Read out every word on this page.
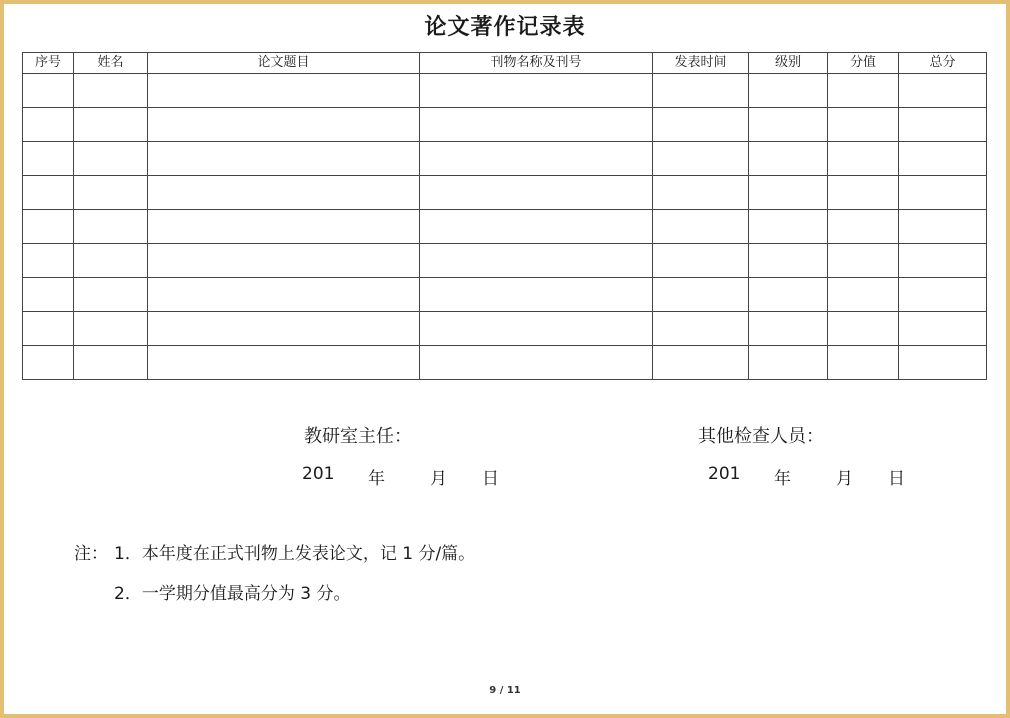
论文著作记录表
序号	姓名	论文题目	刊物名称及刊号	发表时间	级别	分值	总分

教研室主任：
201 年	月 日
其他检查人员：
201 年	月 日
注： 1．本年度在正式刊物上发表论文，记 1 分/篇。
2．一学期分值最高分为 3 分。
9 / 11
